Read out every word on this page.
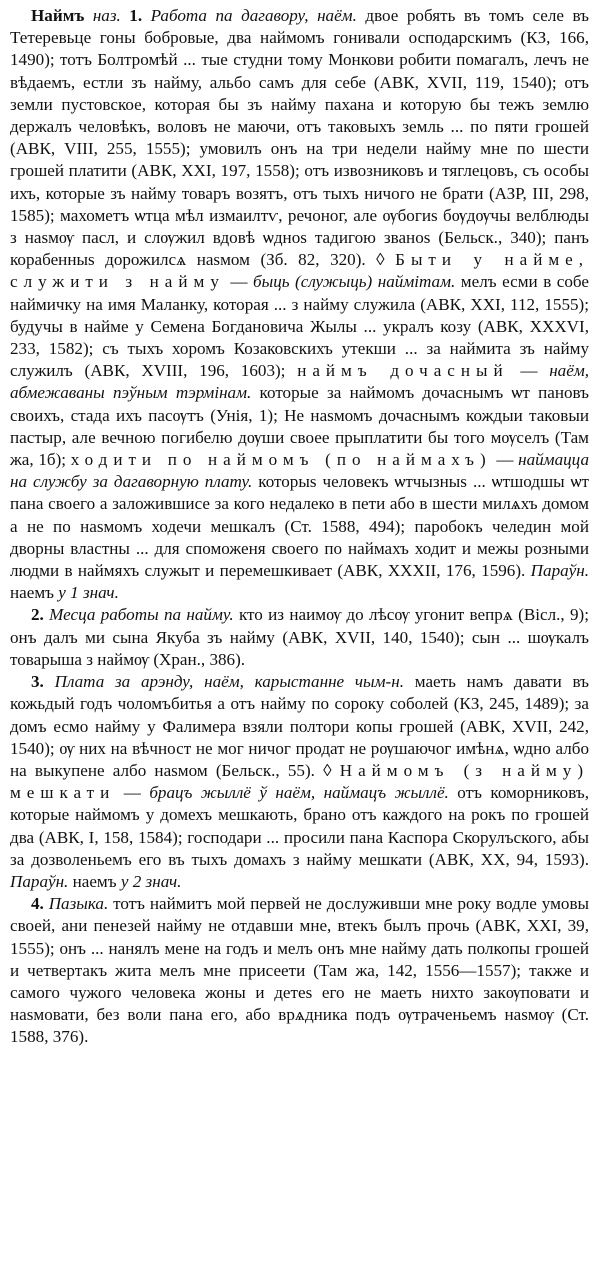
Наймъ наз. 1. Работа па дагавору, наём. двое робять въ томъ селе въ Тетеревьце гоны бобровые, два наймомъ гонивали осподарскимъ (КЗ, 166, 1490); тотъ Болтромѣй ... тые студни тому Монкови робити помагалъ, лечъ не вѣдаемъ, естли зъ найму, альбо самъ для себе (АВК, XVII, 119, 1540); отъ земли пустовское, которая бы зъ найму пахана и которую бы тежъ землю держалъ человѣкъ, воловъ не маючи, отъ таковыхъ земль ... по пяти грошей (АВК, VIII, 255, 1555); умовилъ онъ на три недели найму мне по шести грошей платити (АВК, XXI, 197, 1558); отъ извозниковъ и тяглецовъ, съ особы ихъ, которые зъ найму товаръ возятъ, отъ тыхъ ничого не брати (АЗР, III, 298, 1585); махометъ ѡтца мѣл измаилтѵ, речоног, але ѹбогиѕ бѹдѹчы велблюды з наѕмѹ пасл, и слѹжил вдовѣ ѡдноѕ тадигою званоѕ (Бельск., 340); панъ корабенныѕ дорожилсѧ наѕмом (Зб. 82, 320). ◊ Быти у найме, служити з найму — быць (служыць) наймітам. мелъ есми в собе наймичку на имя Маланку, которая ... з найму служила (АВК, XXI, 112, 1555); будучы в найме у Семена Богдановича Жылы ... укралъ козу (АВК, XXXVI, 233, 1582); съ тыхъ хоромъ Козаковскихъ утекши ... за наймита зъ найму служилъ (АВК, XVIII, 196, 1603); наймъ дочасный — наём, абмежаваны пэўным тэрмінам. которые за наймомъ дочаснымъ ѡт пановъ своихъ, стада ихъ пасѹтъ (Унія, 1); Не наѕмомъ дочаснымъ кождыи таковыи пастыр, але вечною погибелю дѹши своее прыплатити бы того мѹселъ (Там жа, 1б); ходити по наймомъ (по наймахъ) — наймацца на службу за дагаворную плату. которыѕ человекъ ѡтчызныѕ ... ѡтшодшы ѡт пана своего а заложившисе за кого недалеко в пети або в шести милѧхъ домом а не по наѕмомъ ходечи мешкалъ (Ст. 1588, 494); паробокъ челедин мой дворны властны ... для споможеня своего по наймахъ ходит и межы розными людми в наймяхъ служыт и перемешкивает (АВК, XXXII, 176, 1596). Параўн. наемъ у 1 знач.

2. Месца работы па найму. кто из наимѹ до лѣсѹ угонит вепрѧ (Вісл., 9); онъ далъ ми сына Якуба зъ найму (АВК, XVII, 140, 1540); сын ... шѹкалъ товарыша з наймѹ (Хран., 386).

3. Плата за арэнду, наём, карыстанне чым-н. маеть намъ давати въ кожьдый годъ чоломъбитья а отъ найму по сороку соболей (КЗ, 245, 1489); за домъ есмо найму у Фалимера взяли полтори копы грошей (АВК, XVII, 242, 1540); ѹ них на вѣчност не мог ничог продат не рѹшаючог имѣнѧ, ѡдно албо на выкупене албо наѕмом (Бельск., 55). ◊ Наймомъ (з найму) мешкати — брацъ жыллё ў наём, наймацъ жыллё. отъ коморниковъ, которые наймомъ у домехъ мешкають, брано отъ каждого на рокъ по грошей два (АВК, I, 158, 1584); господари ... просили пана Каспора Скорулъского, абы за дозволеньемъ его въ тыхъ домахъ з найму мешкати (АВК, XX, 94, 1593). Параўн. наемъ у 2 знач.

4. Пазыка. тотъ наймитъ мой первей не дослуживши мне року водле умовы своей, ани пенезей найму не отдавши мне, втекъ былъ прочь (АВК, XXI, 39, 1555); онъ ... нанялъ мене на годъ и мелъ онъ мне найму дать полкопы грошей и четвертакъ жита мелъ мне присеети (Там жа, 142, 1556—1557); также и самого чужого человека жоны и детеѕ его не маеть нихто закѹповати и наѕмовати, без воли пана его, або врѧдника подъ ѹтраченьемъ наѕмѹ (Ст. 1588, 376).
